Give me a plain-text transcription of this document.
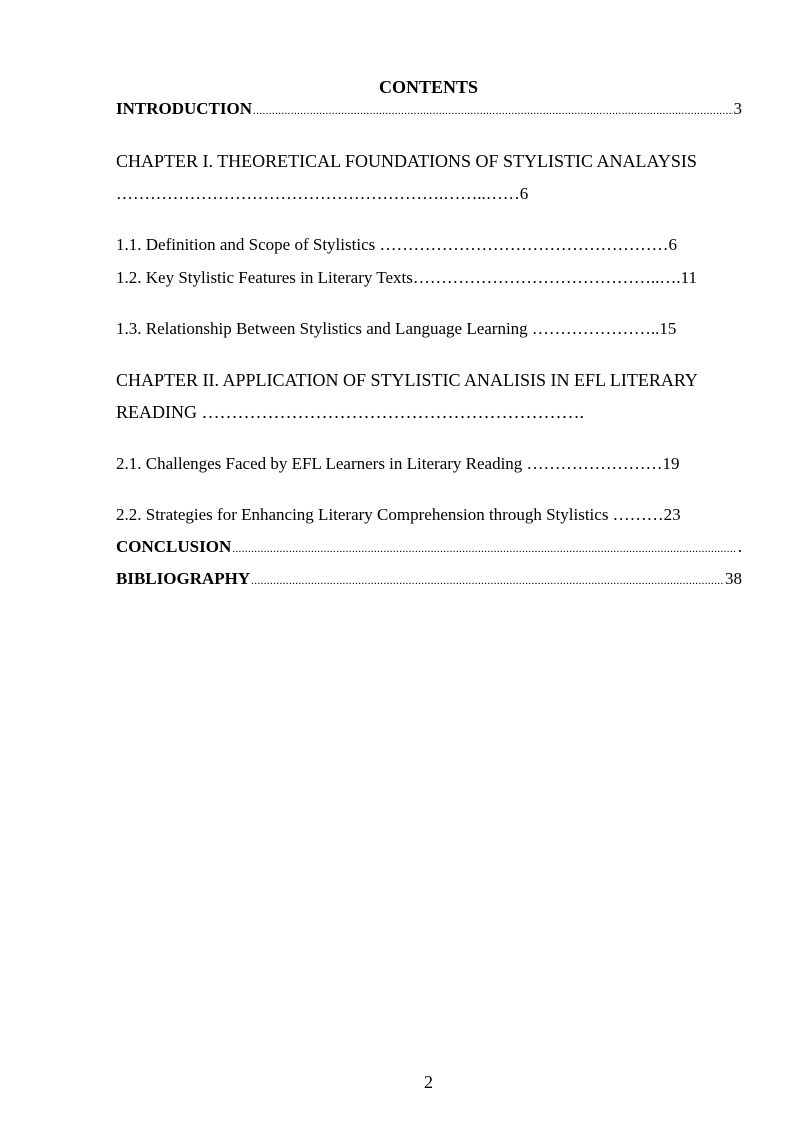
CONTENTS
INTRODUCTION .....	3
CHAPTER I. THEORETICAL FOUNDATIONS OF STYLISTIC ANALAYSIS
………………………………………………….……..……6
1.1. Definition and Scope of Stylistics ……………………………………………6
1.2. Key Stylistic Features in Literary Texts……………………………………..….11
1.3. Relationship Between Stylistics and Language Learning …………………..15
CHAPTER II. APPLICATION OF STYLISTIC ANALISIS IN EFL LITERARY
READING ……………………………………………………….
2.1. Challenges Faced by EFL Learners in Literary Reading ……………………19
2.2. Strategies for Enhancing Literary Comprehension through Stylistics ………23
CONCLUSION .....	.
BIBLIOGRAPHY .....	38
2
